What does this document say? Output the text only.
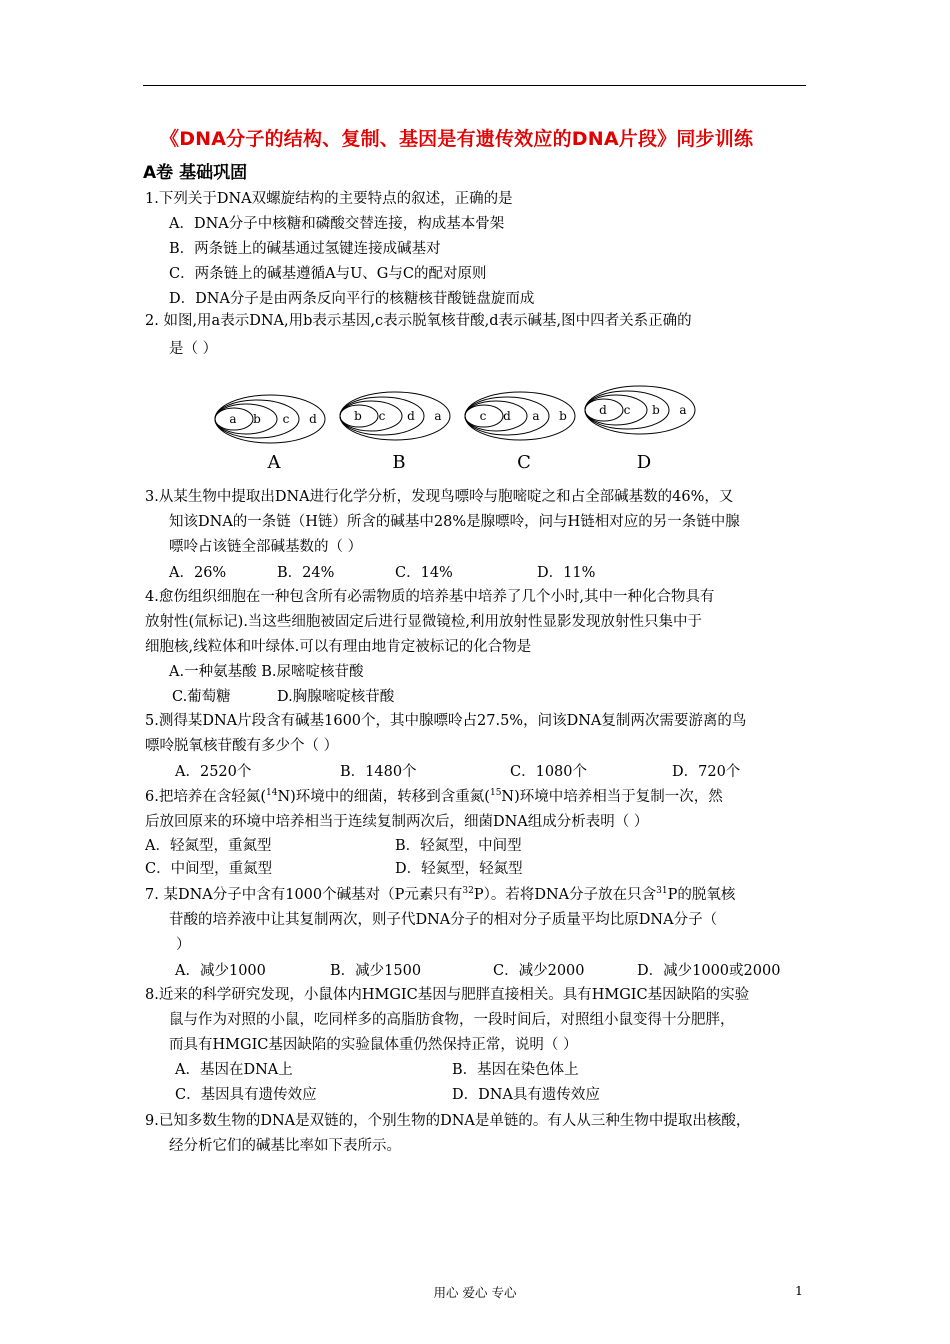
《DNA分子的结构、复制、基因是有遗传效应的DNA片段》同步训练
A卷 基础巩固
1.下列关于DNA双螺旋结构的主要特点的叙述，正确的是
A．DNA分子中核糖和磷酸交替连接，构成基本骨架
B．两条链上的碱基通过氢键连接成碱基对
C．两条链上的碱基遵循A与U、G与C的配对原则
D．DNA分子是由两条反向平行的核糖核苷酸链盘旋而成
2. 如图,用a表示DNA,用b表示基因,c表示脱氧核苷酸,d表示碱基,图中四者关系正确的
是（ ）
a b c d
A
b c d a
B
c d a b
C
d c b a
D
3.从某生物中提取出DNA进行化学分析，发现鸟嘌呤与胞嘧啶之和占全部碱基数的46%，又
知该DNA的一条链（H链）所含的碱基中28%是腺嘌呤，问与H链相对应的另一条链中腺
嘌呤占该链全部碱基数的（ ）
A．26%	B．24%	C．14%	D．11%
4.愈伤组织细胞在一种包含所有必需物质的培养基中培养了几个小时,其中一种化合物具有
放射性(氚标记).当这些细胞被固定后进行显微镜检,利用放射性显影发现放射性只集中于
细胞核,线粒体和叶绿体.可以有理由地肯定被标记的化合物是
A.一种氨基酸 B.尿嘧啶核苷酸
C.葡萄糖	D.胸腺嘧啶核苷酸
5.测得某DNA片段含有碱基1600个，其中腺嘌呤占27.5%，问该DNA复制两次需要游离的鸟
嘌呤脱氧核苷酸有多少个（ ）
A．2520个	B．1480个	C．1080个	D．720个
6.把培养在含轻氮($^{14}$N)环境中的细菌，转移到含重氮($^{15}$N)环境中培养相当于复制一次，然
后放回原来的环境中培养相当于连续复制两次后，细菌DNA组成分析表明（ ）
A．轻氮型，重氮型	B．轻氮型，中间型
C．中间型，重氮型	D．轻氮型，轻氮型
7. 某DNA分子中含有1000个碱基对（P元素只有$^{32}$P）。若将DNA分子放在只含$^{31}$P的脱氧核
苷酸的培养液中让其复制两次，则子代DNA分子的相对分子质量平均比原DNA分子（
）
A．减少1000	B．减少1500	C．减少2000	D．减少1000或2000
8.近来的科学研究发现，小鼠体内HMGIC基因与肥胖直接相关。具有HMGIC基因缺陷的实验
鼠与作为对照的小鼠，吃同样多的高脂肪食物，一段时间后，对照组小鼠变得十分肥胖，
而具有HMGIC基因缺陷的实验鼠体重仍然保持正常，说明（ ）
A．基因在DNA上	B．基因在染色体上
C．基因具有遗传效应	D．DNA具有遗传效应
9.已知多数生物的DNA是双链的，个别生物的DNA是单链的。有人从三种生物中提取出核酸，
经分析它们的碱基比率如下表所示。
用心 爱心 专心	1
